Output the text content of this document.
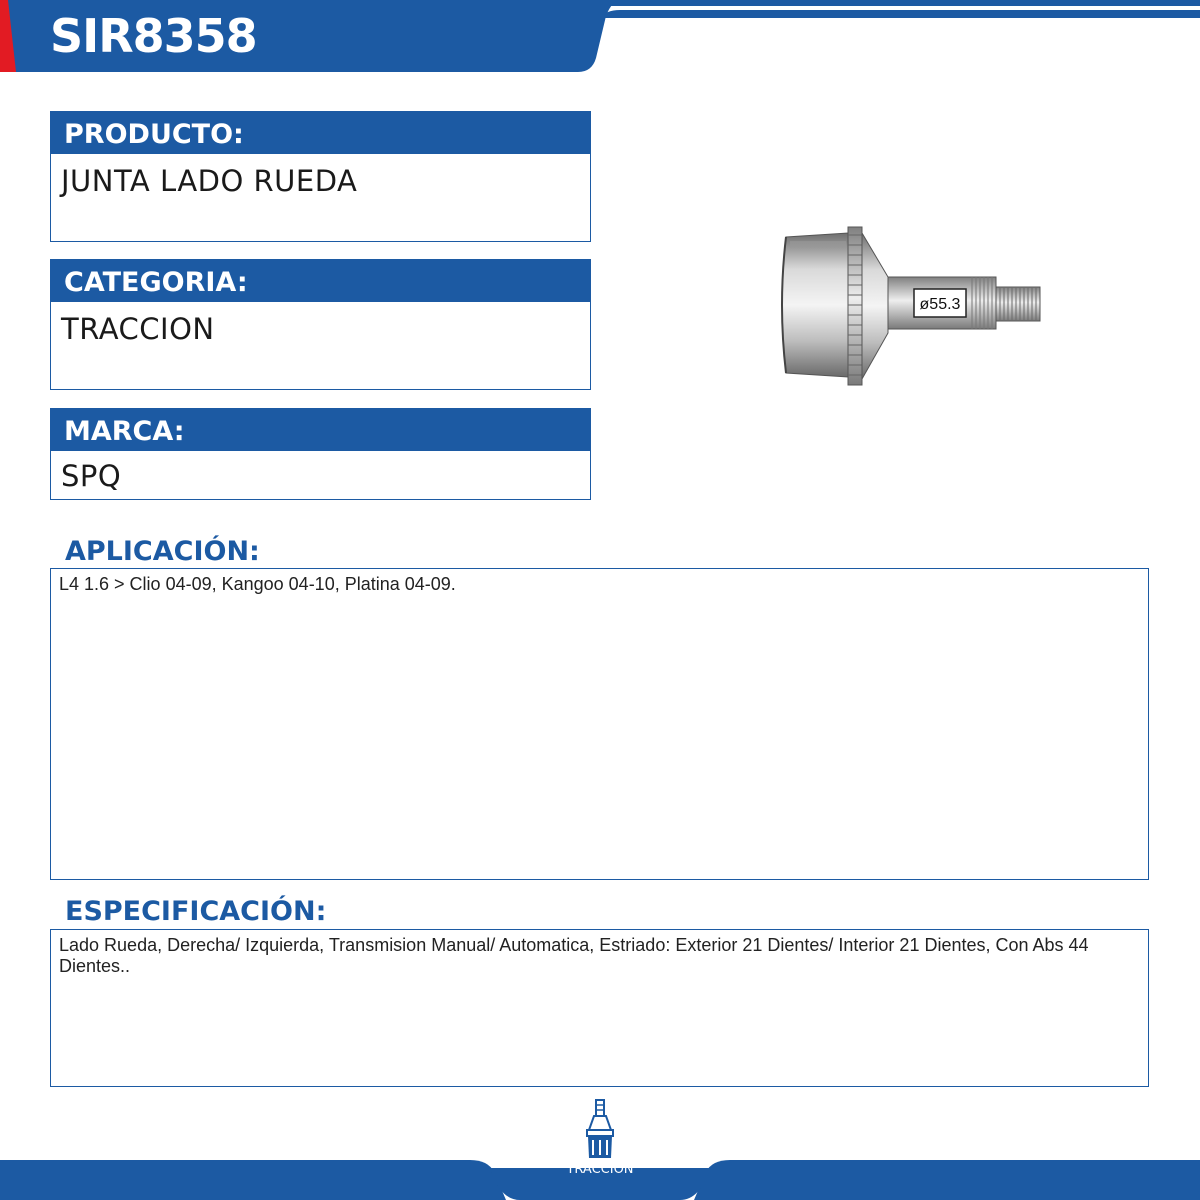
SIR8358
PRODUCTO:
JUNTA LADO RUEDA
CATEGORIA:
TRACCION
MARCA:
SPQ
ø55.3
APLICACIÓN:
L4 1.6 > Clio 04-09, Kangoo 04-10, Platina 04-09.
ESPECIFICACIÓN:
Lado Rueda, Derecha/ Izquierda, Transmision Manual/ Automatica, Estriado: Exterior 21 Dientes/ Interior 21 Dientes, Con Abs 44 Dientes..
TRACCIÓN
